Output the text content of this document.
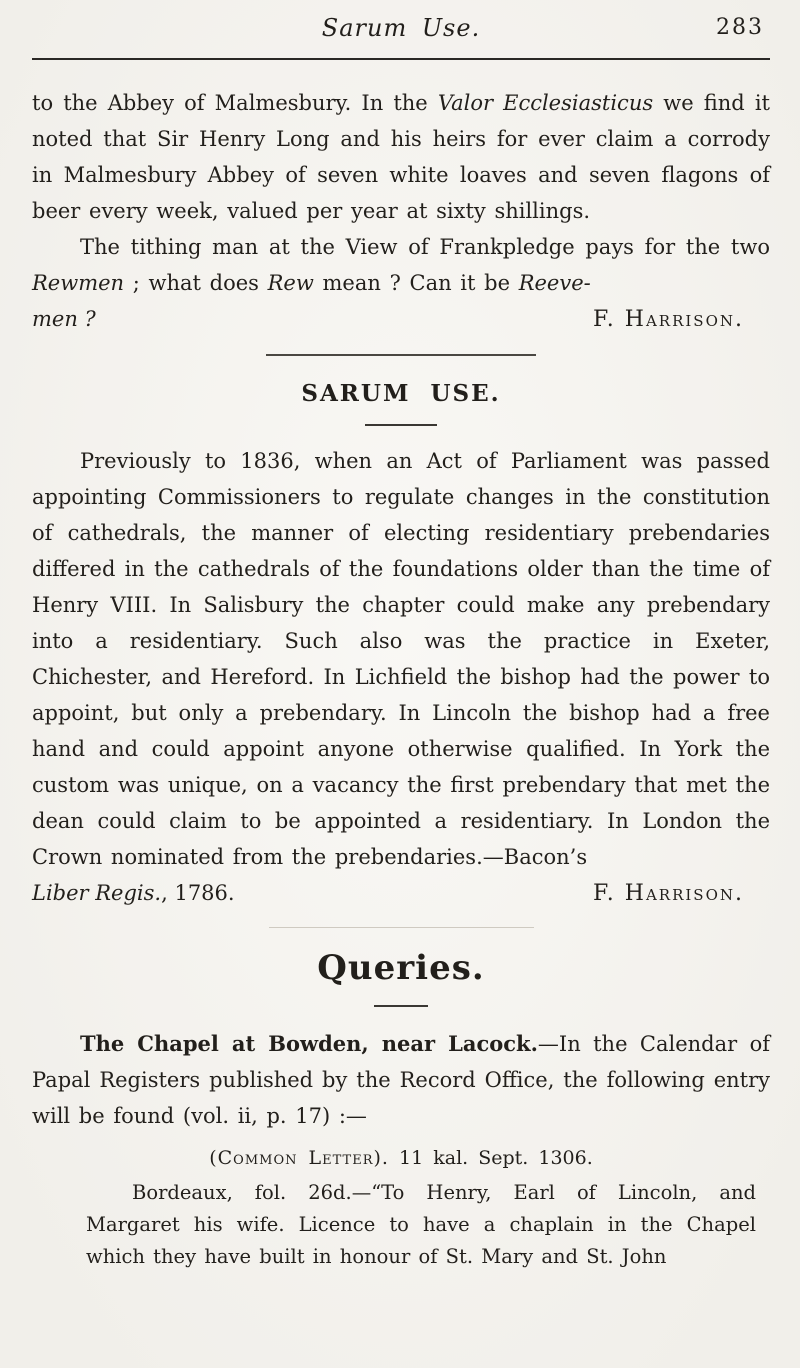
Sarum Use.	283

to the Abbey of Malmesbury. In the Valor Ecclesiasticus we find it noted that Sir Henry Long and his heirs for ever claim a corrody in Malmesbury Abbey of seven white loaves and seven flagons of beer every week, valued per year at sixty shillings.

The tithing man at the View of Frankpledge pays for the two Rewmen ; what does Rew mean ? Can it be Reeve-

men ?	F. Harrison.
SARUM USE.

Previously to 1836, when an Act of Parliament was passed appointing Commissioners to regulate changes in the constitution of cathedrals, the manner of electing residentiary prebendaries differed in the cathedrals of the foundations older than the time of Henry VIII. In Salisbury the chapter could make any prebendary into a residentiary. Such also was the practice in Exeter, Chichester, and Hereford. In Lichfield the bishop had the power to appoint, but only a prebendary. In Lincoln the bishop had a free hand and could appoint anyone otherwise qualified. In York the custom was unique, on a vacancy the first prebendary that met the dean could claim to be appointed a residentiary. In London the Crown nominated from the prebendaries.—Bacon’s

Liber Regis., 1786.	F. Harrison.
Queries.

The Chapel at Bowden, near Lacock.—In the Calendar of Papal Registers published by the Record Office, the following entry will be found (vol. ii, p. 17) :—

(Common Letter). 11 kal. Sept. 1306.

Bordeaux, fol. 26d.—“To Henry, Earl of Lincoln, and Margaret his wife. Licence to have a chaplain in the Chapel which they have built in honour of St. Mary and St. John
